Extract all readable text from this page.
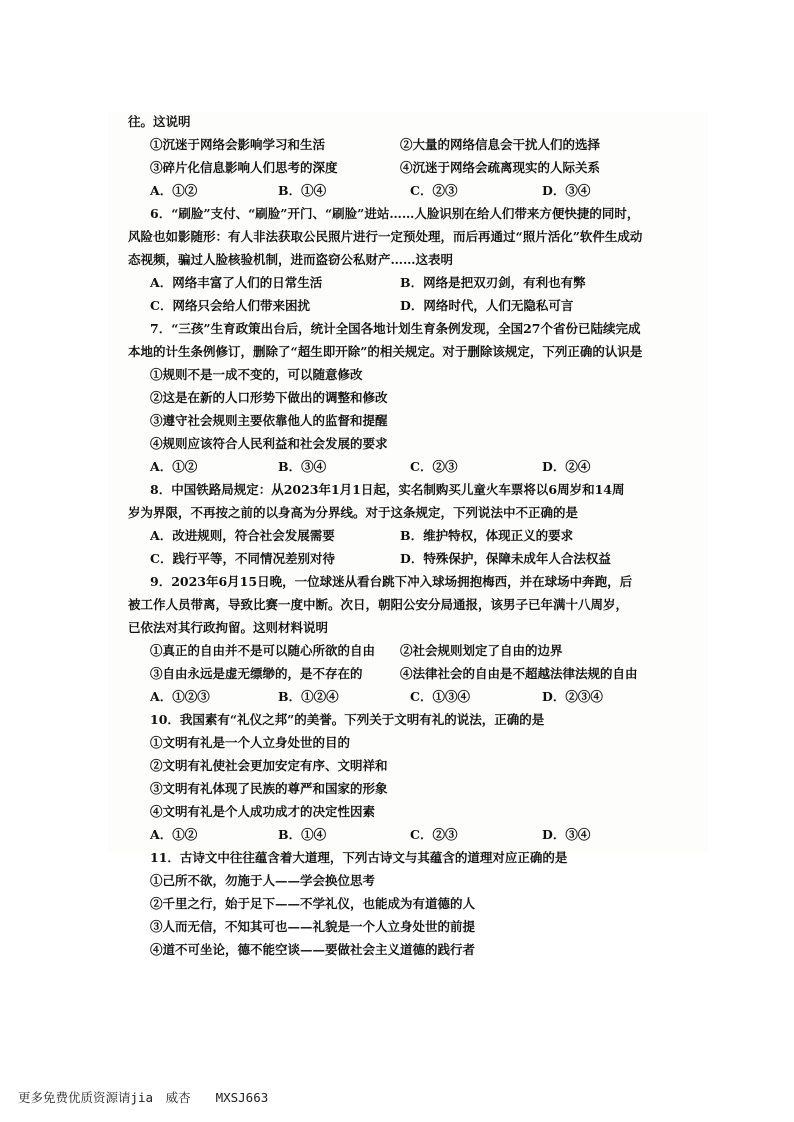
往。这说明
①沉迷于网络会影响学习和生活	②大量的网络信息会干扰人们的选择
③碎片化信息影响人们思考的深度	④沉迷于网络会疏离现实的人际关系
A．①②	B．①④	C．②③	D．③④
6．“刷脸”支付、“刷脸”开门、“刷脸”进站……人脸识别在给人们带来方便快捷的同时，
风险也如影随形：有人非法获取公民照片进行一定预处理，而后再通过“照片活化”软件生成动
态视频，骗过人脸核验机制，进而盗窃公私财产……这表明
A．网络丰富了人们的日常生活	B．网络是把双刃剑，有利也有弊
C．网络只会给人们带来困扰	D．网络时代，人们无隐私可言
7．“三孩”生育政策出台后，统计全国各地计划生育条例发现，全国27个省份已陆续完成
本地的计生条例修订，删除了“超生即开除”的相关规定。对于删除该规定，下列正确的认识是
①规则不是一成不变的，可以随意修改
②这是在新的人口形势下做出的调整和修改
③遵守社会规则主要依靠他人的监督和提醒
④规则应该符合人民利益和社会发展的要求
A．①②	B．③④	C．②③	D．②④
8．中国铁路局规定：从2023年1月1日起，实名制购买儿童火车票将以6周岁和14周
岁为界限，不再按之前的以身高为分界线。对于这条规定，下列说法中不正确的是
A．改进规则，符合社会发展需要	B．维护特权，体现正义的要求
C．践行平等，不同情况差别对待	D．特殊保护，保障未成年人合法权益
9．2023年6月15日晚，一位球迷从看台跳下冲入球场拥抱梅西，并在球场中奔跑，后
被工作人员带离，导致比赛一度中断。次日，朝阳公安分局通报，该男子已年满十八周岁，
已依法对其行政拘留。这则材料说明
①真正的自由并不是可以随心所欲的自由	②社会规则划定了自由的边界
③自由永远是虚无缥缈的，是不存在的	④法律社会的自由是不超越法律法规的自由
A．①②③	B．①②④	C．①③④	D．②③④
10．我国素有“礼仪之邦”的美誉。下列关于文明有礼的说法，正确的是
①文明有礼是一个人立身处世的目的
②文明有礼使社会更加安定有序、文明祥和
③文明有礼体现了民族的尊严和国家的形象
④文明有礼是个人成功成才的决定性因素
A．①②	B．①④	C．②③	D．③④
11．古诗文中往往蕴含着大道理，下列古诗文与其蕴含的道理对应正确的是
①己所不欲，勿施于人——学会换位思考
②千里之行，始于足下——不学礼仪，也能成为有道德的人
③人而无信，不知其可也——礼貌是一个人立身处世的前提
④道不可坐论，德不能空谈——要做社会主义道德的践行者
更多免费优质资源请jia　威杏　　MXSJ663
